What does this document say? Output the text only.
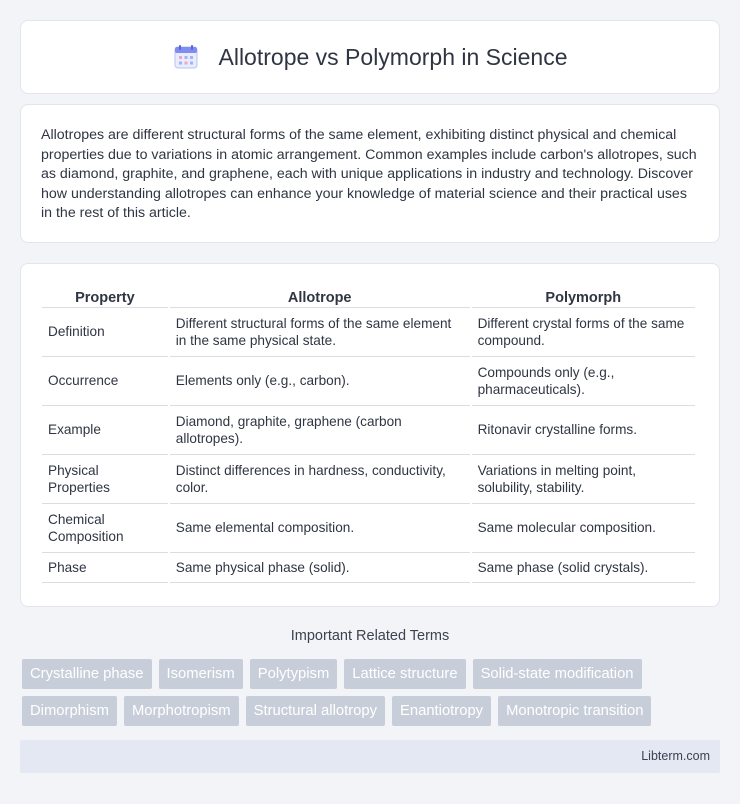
Allotrope vs Polymorph in Science

Allotropes are different structural forms of the same element, exhibiting distinct physical and chemical properties due to variations in atomic arrangement. Common examples include carbon's allotropes, such as diamond, graphite, and graphene, each with unique applications in industry and technology. Discover how understanding allotropes can enhance your knowledge of material science and their practical uses in the rest of this article.

Property	Allotrope	Polymorph
Definition	Different structural forms of the same element in the same physical state.	Different crystal forms of the same compound.
Occurrence	Elements only (e.g., carbon).	Compounds only (e.g., pharmaceuticals).
Example	Diamond, graphite, graphene (carbon allotropes).	Ritonavir crystalline forms.
Physical Properties	Distinct differences in hardness, conductivity, color.	Variations in melting point, solubility, stability.
Chemical Composition	Same elemental composition.	Same molecular composition.
Phase	Same physical phase (solid).	Same phase (solid crystals).
Important Related Terms
Crystalline phase	Isomerism	Polytypism	Lattice structure	Solid-state modification
Dimorphism	Morphotropism	Structural allotropy	Enantiotropy	Monotropic transition
Libterm.com
